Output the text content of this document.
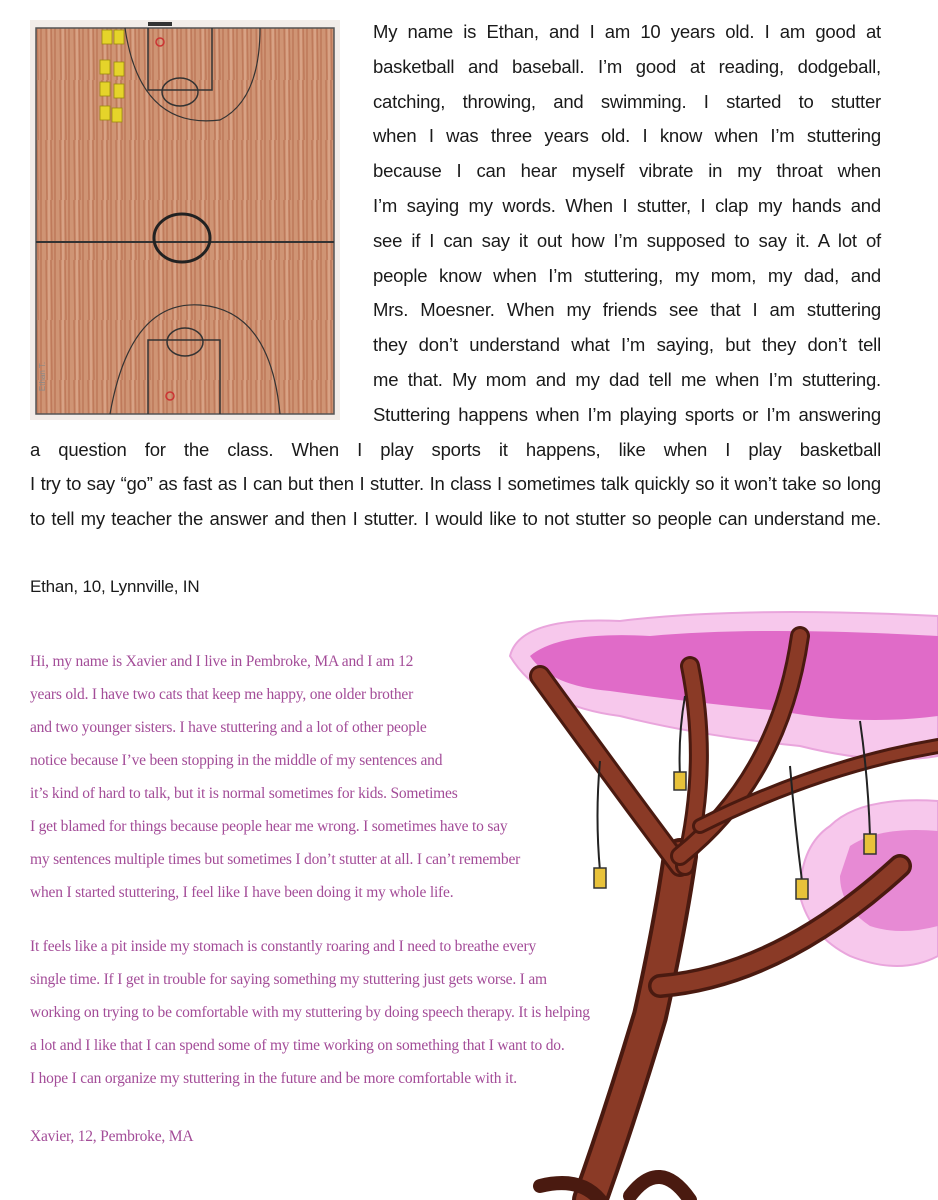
Ethan T.

My name is Ethan, and I am 10 years old. I am good at

basketball and baseball. I’m good at reading, dodgeball,

catching, throwing, and swimming. I started to stutter

when I was three years old. I know when I’m stuttering

because I can hear myself vibrate in my throat when

I’m saying my words. When I stutter, I clap my hands and

see if I can say it out how I’m supposed to say it. A lot of

people know when I’m stuttering, my mom, my dad, and

Mrs. Moesner. When my friends see that I am stuttering

they don’t understand what I’m saying, but they don’t tell

me that. My mom and my dad tell me when I’m stuttering.

Stuttering happens when I’m playing sports or I’m answering

a question for the class. When I play sports it happens, like when I play basketball

I try to say “go” as fast as I can but then I stutter. In class I sometimes talk quickly so it won’t take so long

to tell my teacher the answer and then I stutter. I would like to not stutter so people can understand me.

Ethan, 10, Lynnville, IN
Hi, my name is Xavier and I live in Pembroke, MA and I am 12
years old. I have two cats that keep me happy, one older brother
and two younger sisters. I have stuttering and a lot of other people
notice because I’ve been stopping in the middle of my sentences and
it’s kind of hard to talk, but it is normal sometimes for kids. Sometimes
I get blamed for things because people hear me wrong. I sometimes have to say
my sentences multiple times but sometimes I don’t stutter at all. I can’t remember
when I started stuttering, I feel like I have been doing it my whole life.
It feels like a pit inside my stomach is constantly roaring and I need to breathe every
single time. If I get in trouble for saying something my stuttering just gets worse. I am
working on trying to be comfortable with my stuttering by doing speech therapy. It is helping
a lot and I like that I can spend some of my time working on something that I want to do.
I hope I can organize my stuttering in the future and be more comfortable with it.
Xavier, 12, Pembroke, MA
